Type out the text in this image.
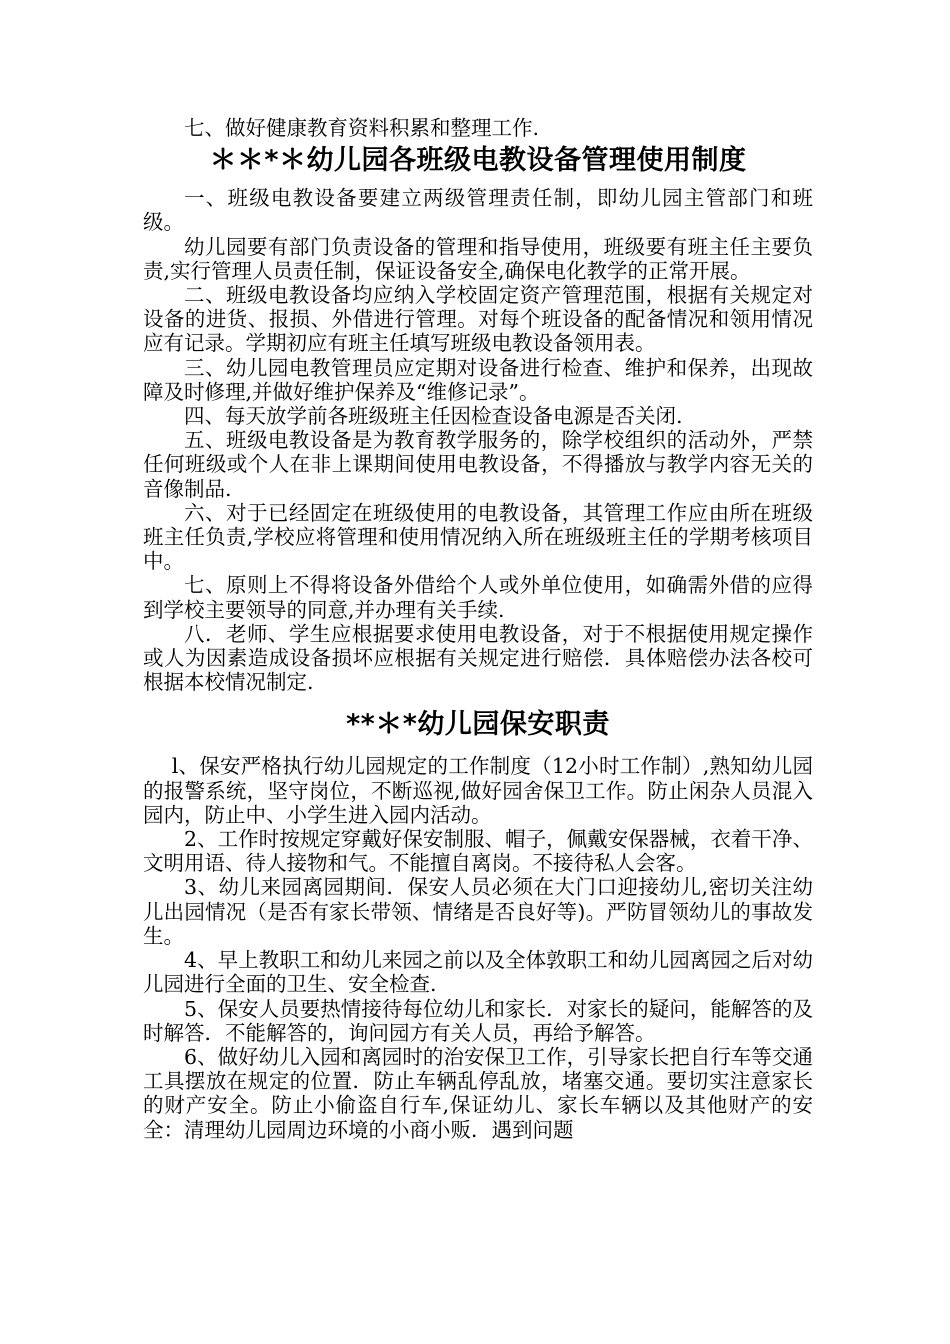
七、做好健康教育资料积累和整理工作.

＊＊*＊幼儿园各班级电教设备管理使用制度

一、班级电教设备要建立两级管理责任制，即幼儿园主管部门和班级。

幼儿园要有部门负责设备的管理和指导使用，班级要有班主任主要负责,实行管理人员责任制，保证设备安全,确保电化教学的正常开展。

二、班级电教设备均应纳入学校固定资产管理范围，根据有关规定对设备的进货、报损、外借进行管理。对每个班设备的配备情况和领用情况应有记录。学期初应有班主任填写班级电教设备领用表。

三、幼儿园电教管理员应定期对设备进行检查、维护和保养，出现故障及时修理,并做好维护保养及“维修记录”。

四、每天放学前各班级班主任因检查设备电源是否关闭.

五、班级电教设备是为教育教学服务的，除学校组织的活动外，严禁任何班级或个人在非上课期间使用电教设备，不得播放与教学内容无关的音像制品.

六、对于已经固定在班级使用的电教设备，其管理工作应由所在班级班主任负责,学校应将管理和使用情况纳入所在班级班主任的学期考核项目中。

七、原则上不得将设备外借给个人或外单位使用，如确需外借的应得到学校主要领导的同意,并办理有关手续.

八．老师、学生应根据要求使用电教设备，对于不根据使用规定操作或人为因素造成设备损坏应根据有关规定进行赔偿．具体赔偿办法各校可根据本校情况制定.

**＊*幼儿园保安职责

l、保安严格执行幼儿园规定的工作制度（12小时工作制）,熟知幼儿园的报警系统，坚守岗位，不断巡视,做好园舍保卫工作。防止闲杂人员混入园内，防止中、小学生进入园内活动。

2、工作时按规定穿戴好保安制服、帽子，佩戴安保器械，衣着干净、文明用语、待人接物和气。不能擅自离岗。不接待私人会客。

3、幼儿来园离园期间．保安人员必须在大门口迎接幼儿,密切关注幼儿出园情况（是否有家长带领、情绪是否良好等)。严防冒领幼儿的事故发生。

4、早上教职工和幼儿来园之前以及全体敦职工和幼儿园离园之后对幼儿园进行全面的卫生、安全检查.

5、保安人员要热情接待每位幼儿和家长．对家长的疑问，能解答的及时解答．不能解答的，询问园方有关人员，再给予解答。

6、做好幼儿入园和离园时的治安保卫工作，引导家长把自行车等交通工具摆放在规定的位置．防止车辆乱停乱放，堵塞交通。要切实注意家长的财产安全。防止小偷盗自行车,保证幼儿、家长车辆以及其他财产的安全：清理幼儿园周边环境的小商小贩．遇到问题
